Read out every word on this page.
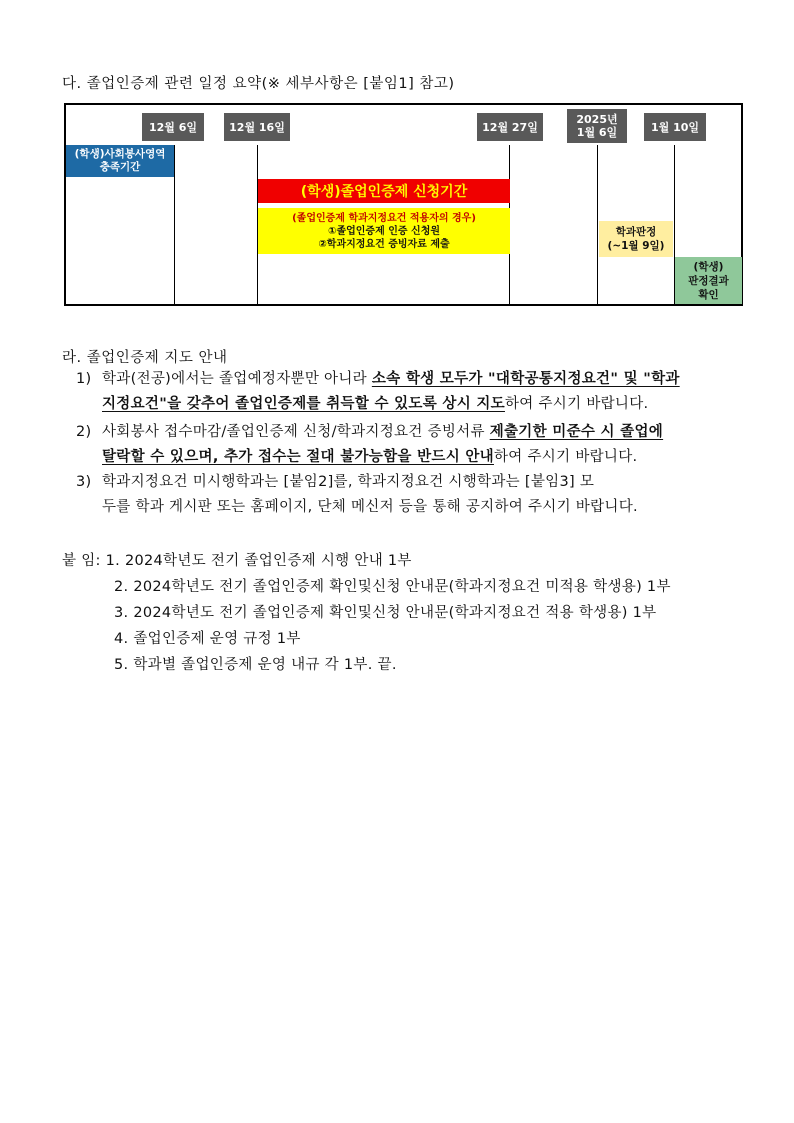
다. 졸업인증제 관련 일정 요약(※ 세부사항은 [붙임1] 참고)
12월 6일	12월 16일	12월 27일
2025년
1월 6일	1월 10일
(학생)사회봉사영역
충족기간
(학생)졸업인증제 신청기간
(졸업인증제 학과지정요건 적용자의 경우)
①졸업인증제 인증 신청원
②학과지정요건 증빙자료 제출
학과판정
(~1월 9일)
(학생)
판정결과
확인
라. 졸업인증제 지도 안내
1) 학과(전공)에서는 졸업예정자뿐만 아니라 소속 학생 모두가 "대학공통지정요건" 및 "학과
지정요건"을 갖추어 졸업인증제를 취득할 수 있도록 상시 지도하여 주시기 바랍니다.
2) 사회봉사 접수마감/졸업인증제 신청/학과지정요건 증빙서류 제출기한 미준수 시 졸업에
탈락할 수 있으며, 추가 접수는 절대 불가능함을 반드시 안내하여 주시기 바랍니다.
3) 학과지정요건 미시행학과는 [붙임2]를, 학과지정요건 시행학과는 [붙임3] 모
두를 학과 게시판 또는 홈페이지, 단체 메신저 등을 통해 공지하여 주시기 바랍니다.
붙 임: 1. 2024학년도 전기 졸업인증제 시행 안내 1부
2. 2024학년도 전기 졸업인증제 확인및신청 안내문(학과지정요건 미적용 학생용) 1부
3. 2024학년도 전기 졸업인증제 확인및신청 안내문(학과지정요건 적용 학생용) 1부
4. 졸업인증제 운영 규정 1부
5. 학과별 졸업인증제 운영 내규 각 1부. 끝.
